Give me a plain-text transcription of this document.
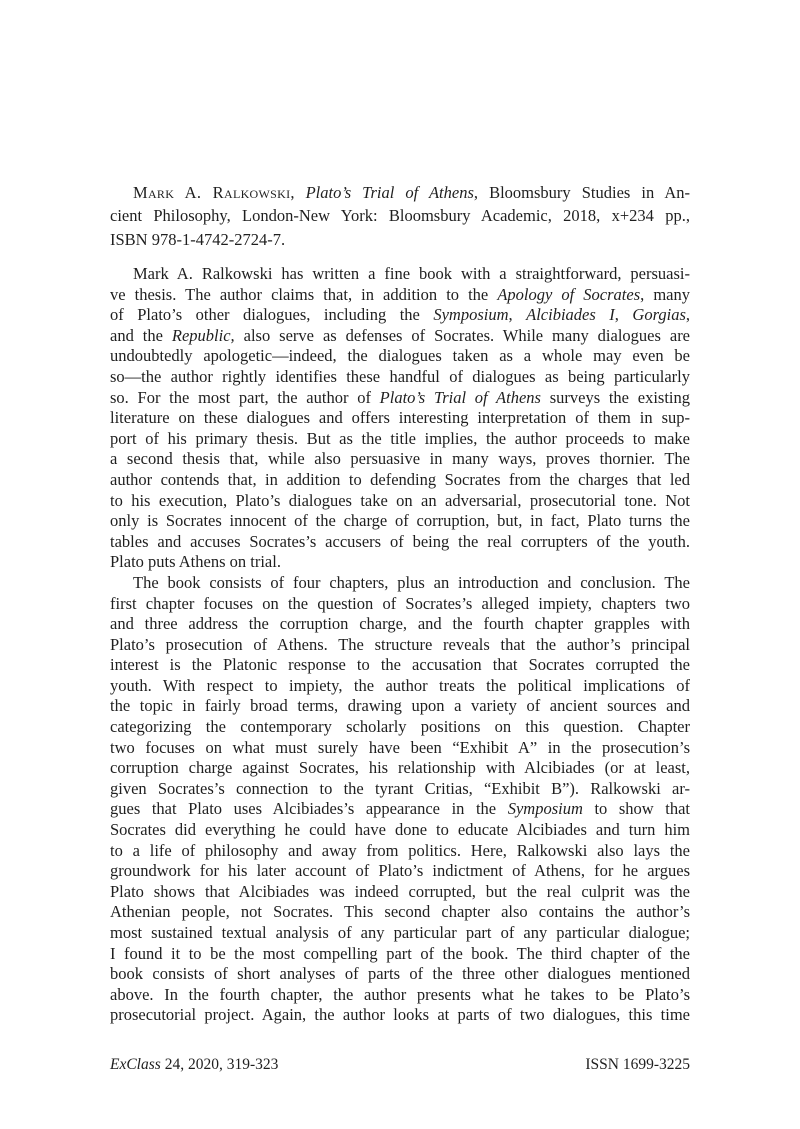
Mark A. Ralkowski, Plato’s Trial of Athens, Bloomsbury Studies in An-
cient Philosophy, London-New York: Bloomsbury Academic, 2018, x+234 pp.,
ISBN 978-1-4742-2724-7.
Mark A. Ralkowski has written a fine book with a straightforward, persuasi-
ve thesis. The author claims that, in addition to the Apology of Socrates, many
of Plato’s other dialogues, including the Symposium, Alcibiades I, Gorgias,
and the Republic, also serve as defenses of Socrates. While many dialogues are
undoubtedly apologetic—indeed, the dialogues taken as a whole may even be
so—the author rightly identifies these handful of dialogues as being particularly
so. For the most part, the author of Plato’s Trial of Athens surveys the existing
literature on these dialogues and offers interesting interpretation of them in sup-
port of his primary thesis. But as the title implies, the author proceeds to make
a second thesis that, while also persuasive in many ways, proves thornier. The
author contends that, in addition to defending Socrates from the charges that led
to his execution, Plato’s dialogues take on an adversarial, prosecutorial tone. Not
only is Socrates innocent of the charge of corruption, but, in fact, Plato turns the
tables and accuses Socrates’s accusers of being the real corrupters of the youth.
Plato puts Athens on trial.
The book consists of four chapters, plus an introduction and conclusion. The
first chapter focuses on the question of Socrates’s alleged impiety, chapters two
and three address the corruption charge, and the fourth chapter grapples with
Plato’s prosecution of Athens. The structure reveals that the author’s principal
interest is the Platonic response to the accusation that Socrates corrupted the
youth. With respect to impiety, the author treats the political implications of
the topic in fairly broad terms, drawing upon a variety of ancient sources and
categorizing the contemporary scholarly positions on this question. Chapter
two focuses on what must surely have been “Exhibit A” in the prosecution’s
corruption charge against Socrates, his relationship with Alcibiades (or at least,
given Socrates’s connection to the tyrant Critias, “Exhibit B”). Ralkowski ar-
gues that Plato uses Alcibiades’s appearance in the Symposium to show that
Socrates did everything he could have done to educate Alcibiades and turn him
to a life of philosophy and away from politics. Here, Ralkowski also lays the
groundwork for his later account of Plato’s indictment of Athens, for he argues
Plato shows that Alcibiades was indeed corrupted, but the real culprit was the
Athenian people, not Socrates. This second chapter also contains the author’s
most sustained textual analysis of any particular part of any particular dialogue;
I found it to be the most compelling part of the book. The third chapter of the
book consists of short analyses of parts of the three other dialogues mentioned
above. In the fourth chapter, the author presents what he takes to be Plato’s
prosecutorial project. Again, the author looks at parts of two dialogues, this time
ExClass 24, 2020, 319-323	ISSN 1699-3225
